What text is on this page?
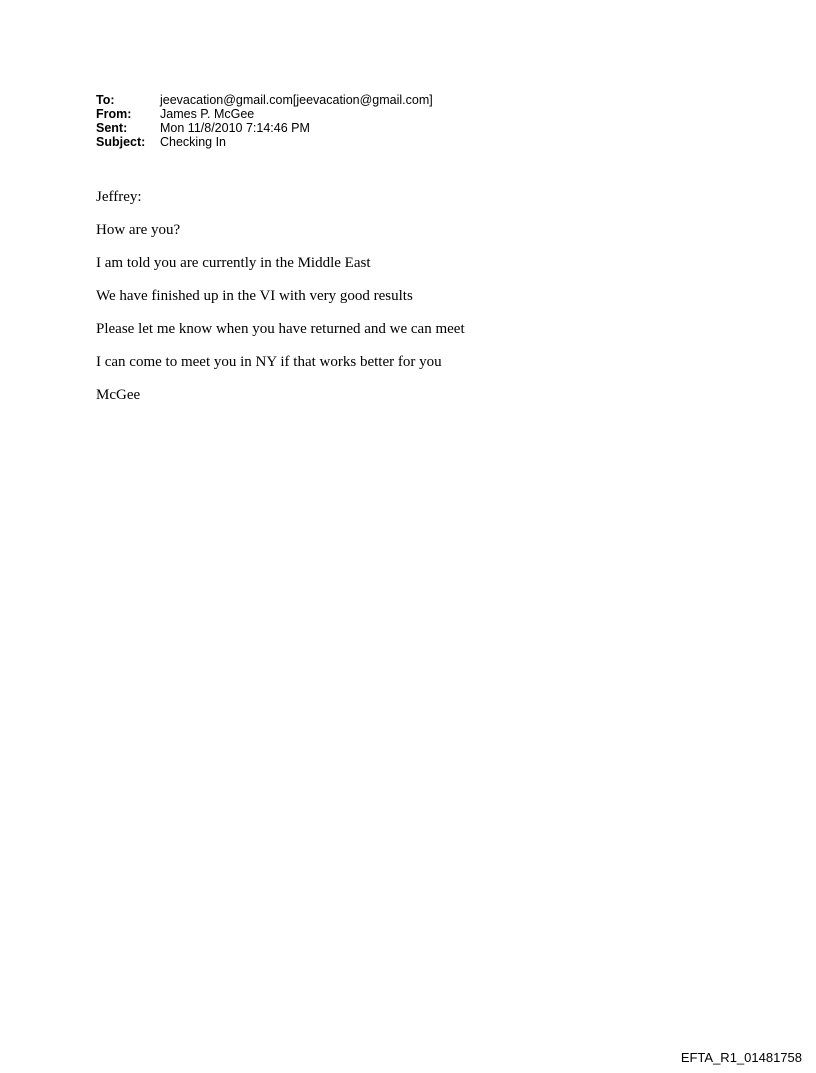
To:	jeevacation@gmail.com[jeevacation@gmail.com]
From:	James P. McGee
Sent:	Mon 11/8/2010 7:14:46 PM
Subject:	Checking In

Jeffrey:

How are you?

I am told you are currently in the Middle East

We have finished up in the VI with very good results

Please let me know when you have returned and we can meet

I can come to meet you in NY if that works better for you

McGee

EFTA_R1_01481758
